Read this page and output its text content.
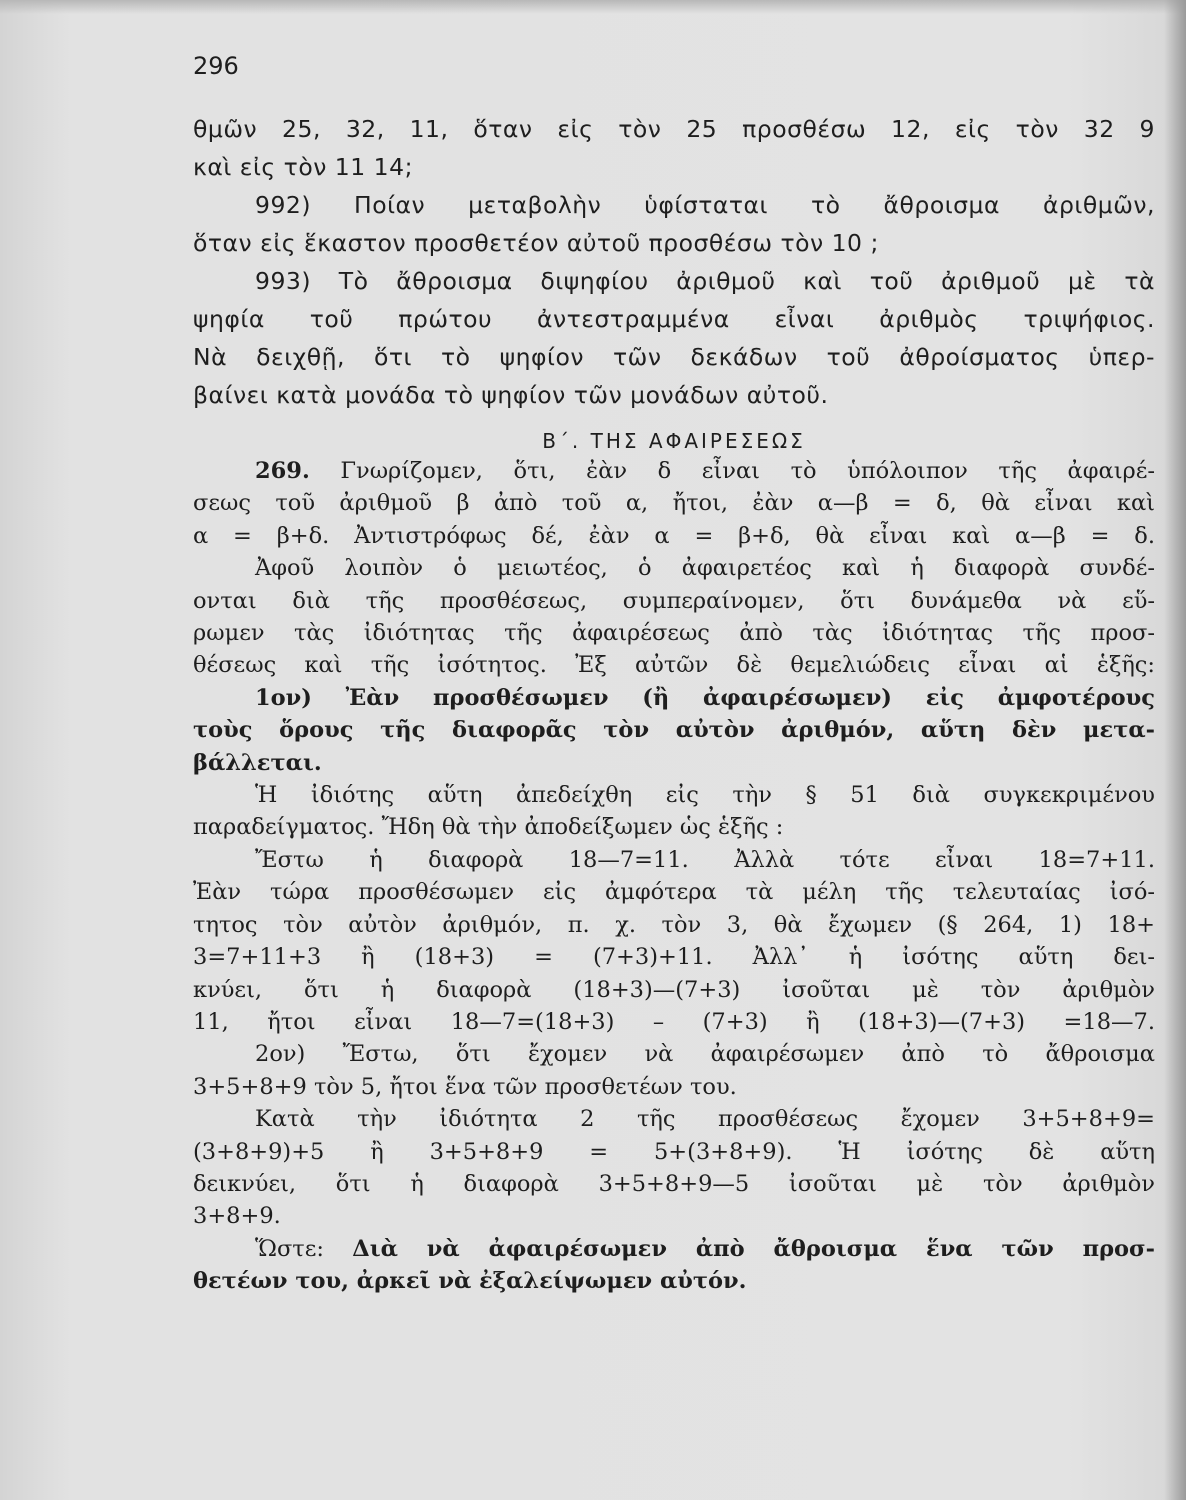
296
θμῶν 25, 32, 11, ὅταν εἰς τὸν 25 προσθέσω 12, εἰς τὸν 32 9
καὶ εἰς τὸν 11 14;
992) Ποίαν μεταβολὴν ὑφίσταται τὸ ἄθροισμα ἀριθμῶν,
ὅταν εἰς ἕκαστον προσθετέον αὐτοῦ προσθέσω τὸν 10 ;
993) Τὸ ἄθροισμα διψηφίου ἀριθμοῦ καὶ τοῦ ἀριθμοῦ μὲ τὰ
ψηφία τοῦ πρώτου ἀντεστραμμένα εἶναι ἀριθμὸς τριψήφιος.
Νὰ δειχθῇ, ὅτι τὸ ψηφίον τῶν δεκάδων τοῦ ἀθροίσματος ὑπερ-
βαίνει κατὰ μονάδα τὸ ψηφίον τῶν μονάδων αὐτοῦ.
Β΄. ΤΗΣ ΑΦΑΙΡΕΣΕΩΣ
269. Γνωρίζομεν, ὅτι, ἐὰν δ εἶναι τὸ ὑπόλοιπον τῆς ἀφαιρέ-
σεως τοῦ ἀριθμοῦ β ἀπὸ τοῦ α, ἤτοι, ἐὰν α—β = δ, θὰ εἶναι καὶ
α = β+δ. Ἀντιστρόφως δέ, ἐὰν α = β+δ, θὰ εἶναι καὶ α—β = δ.
Ἀφοῦ λοιπὸν ὁ μειωτέος, ὁ ἀφαιρετέος καὶ ἡ διαφορὰ συνδέ-
ονται διὰ τῆς προσθέσεως, συμπεραίνομεν, ὅτι δυνάμεθα νὰ εὕ-
ρωμεν τὰς ἰδιότητας τῆς ἀφαιρέσεως ἀπὸ τὰς ἰδιότητας τῆς προσ-
θέσεως καὶ τῆς ἰσότητος. Ἐξ αὐτῶν δὲ θεμελιώδεις εἶναι αἱ ἑξῆς:
1ον) Ἐὰν προσθέσωμεν (ἢ ἀφαιρέσωμεν) εἰς ἀμφοτέρους
τοὺς ὅρους τῆς διαφορᾶς τὸν αὐτὸν ἀριθμόν, αὕτη δὲν μετα-
βάλλεται.
Ἡ ἰδιότης αὕτη ἀπεδείχθη εἰς τὴν § 51 διὰ συγκεκριμένου
παραδείγματος. Ἤδη θὰ τὴν ἀποδείξωμεν ὡς ἑξῆς :
Ἔστω ἡ διαφορὰ 18—7=11. Ἀλλὰ τότε εἶναι 18=7+11.
Ἐὰν τώρα προσθέσωμεν εἰς ἀμφότερα τὰ μέλη τῆς τελευταίας ἰσό-
τητος τὸν αὐτὸν ἀριθμόν, π. χ. τὸν 3, θὰ ἔχωμεν (§ 264, 1) 18+
3=7+11+3 ἢ (18+3) = (7+3)+11. Ἀλλ᾿ ἡ ἰσότης αὕτη δει-
κνύει, ὅτι ἡ διαφορὰ (18+3)—(7+3) ἰσοῦται μὲ τὸν ἀριθμὸν
11, ἤτοι εἶναι 18—7=(18+3) – (7+3) ἢ (18+3)—(7+3) =18—7.
2ον) Ἔστω, ὅτι ἔχομεν νὰ ἀφαιρέσωμεν ἀπὸ τὸ ἄθροισμα
3+5+8+9 τὸν 5, ἤτοι ἕνα τῶν προσθετέων του.
Κατὰ τὴν ἰδιότητα 2 τῆς προσθέσεως ἔχομεν 3+5+8+9=
(3+8+9)+5 ἢ 3+5+8+9 = 5+(3+8+9). Ἡ ἰσότης δὲ αὕτη
δεικνύει, ὅτι ἡ διαφορὰ 3+5+8+9—5 ἰσοῦται μὲ τὸν ἀριθμὸν
3+8+9.
Ὥστε: Διὰ νὰ ἀφαιρέσωμεν ἀπὸ ἄθροισμα ἕνα τῶν προσ-
θετέων του, ἀρκεῖ νὰ ἐξαλείψωμεν αὐτόν.
